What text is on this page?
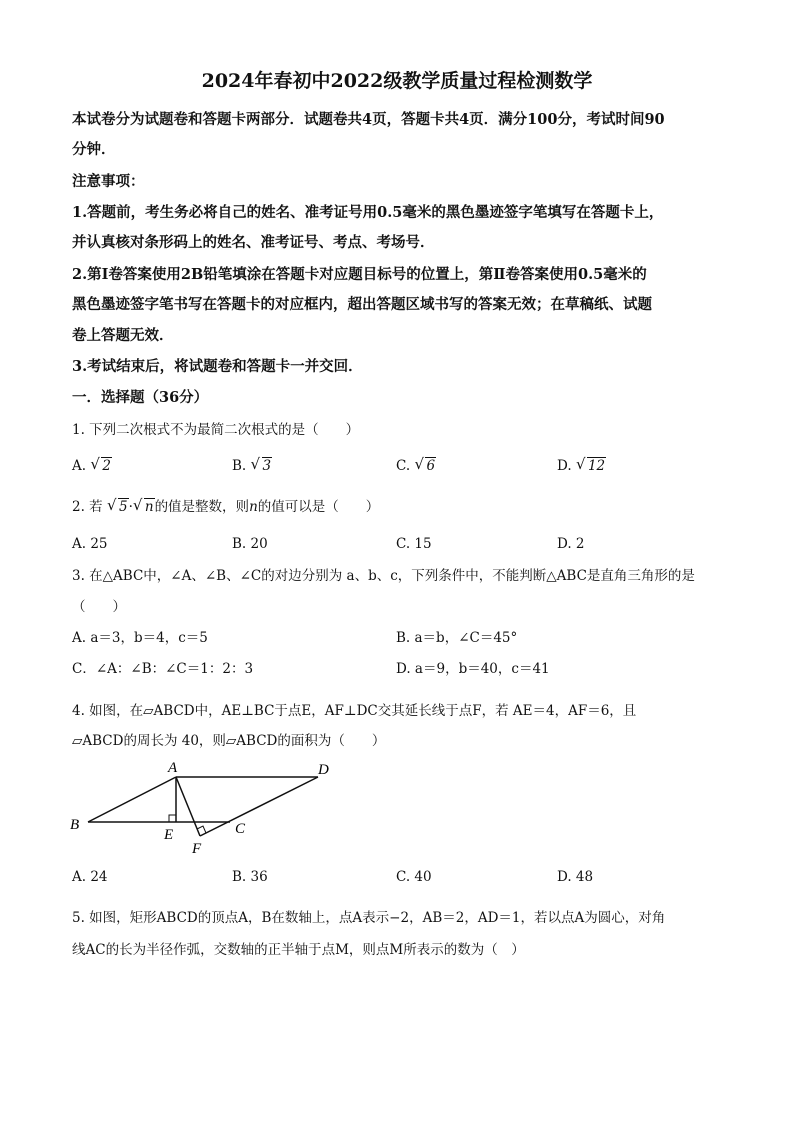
2024年春初中2022级教学质量过程检测数学
本试卷分为试题卷和答题卡两部分．试题卷共4页，答题卡共4页．满分100分，考试时间90
分钟．
注意事项：
1.答题前，考生务必将自己的姓名、准考证号用0.5毫米的黑色墨迹签字笔填写在答题卡上，
并认真核对条形码上的姓名、准考证号、考点、考场号．
2.第Ⅰ卷答案使用2B铅笔填涂在答题卡对应题目标号的位置上，第Ⅱ卷答案使用0.5毫米的
黑色墨迹签字笔书写在答题卡的对应框内，超出答题区域书写的答案无效；在草稿纸、试题
卷上答题无效．
3.考试结束后，将试题卷和答题卡一并交回．
一．选择题（36分）
1. 下列二次根式不为最简二次根式的是（　　）
A. √ 2	B. √ 3	C. √ 6	D. √ 12
2. 若 √ 5· √ n的值是整数，则n的值可以是（　　）
A. 25	B. 20	C. 15	D. 2
3. 在△ABC中，∠A、∠B、∠C的对边分别为 a、b、c，下列条件中，不能判断△ABC是直角三角形的是
（　　）
A. a＝3，b＝4，c＝5	B. a＝b，∠C＝45°
C．∠A：∠B：∠C＝1：2：3	D. a＝9，b＝40，c＝41
4. 如图，在▱ABCD中，AE⊥BC于点E，AF⊥DC交其延长线于点F，若 AE＝4，AF＝6，且
▱ABCD的周长为 40，则▱ABCD的面积为（　　）
A	D
B	C
E
F
A. 24	B. 36	C. 40	D. 48
5. 如图，矩形ABCD的顶点A，B在数轴上，点A表示−2，AB＝2，AD＝1，若以点A为圆心，对角
线AC的长为半径作弧，交数轴的正半轴于点M，则点M所表示的数为（　）
